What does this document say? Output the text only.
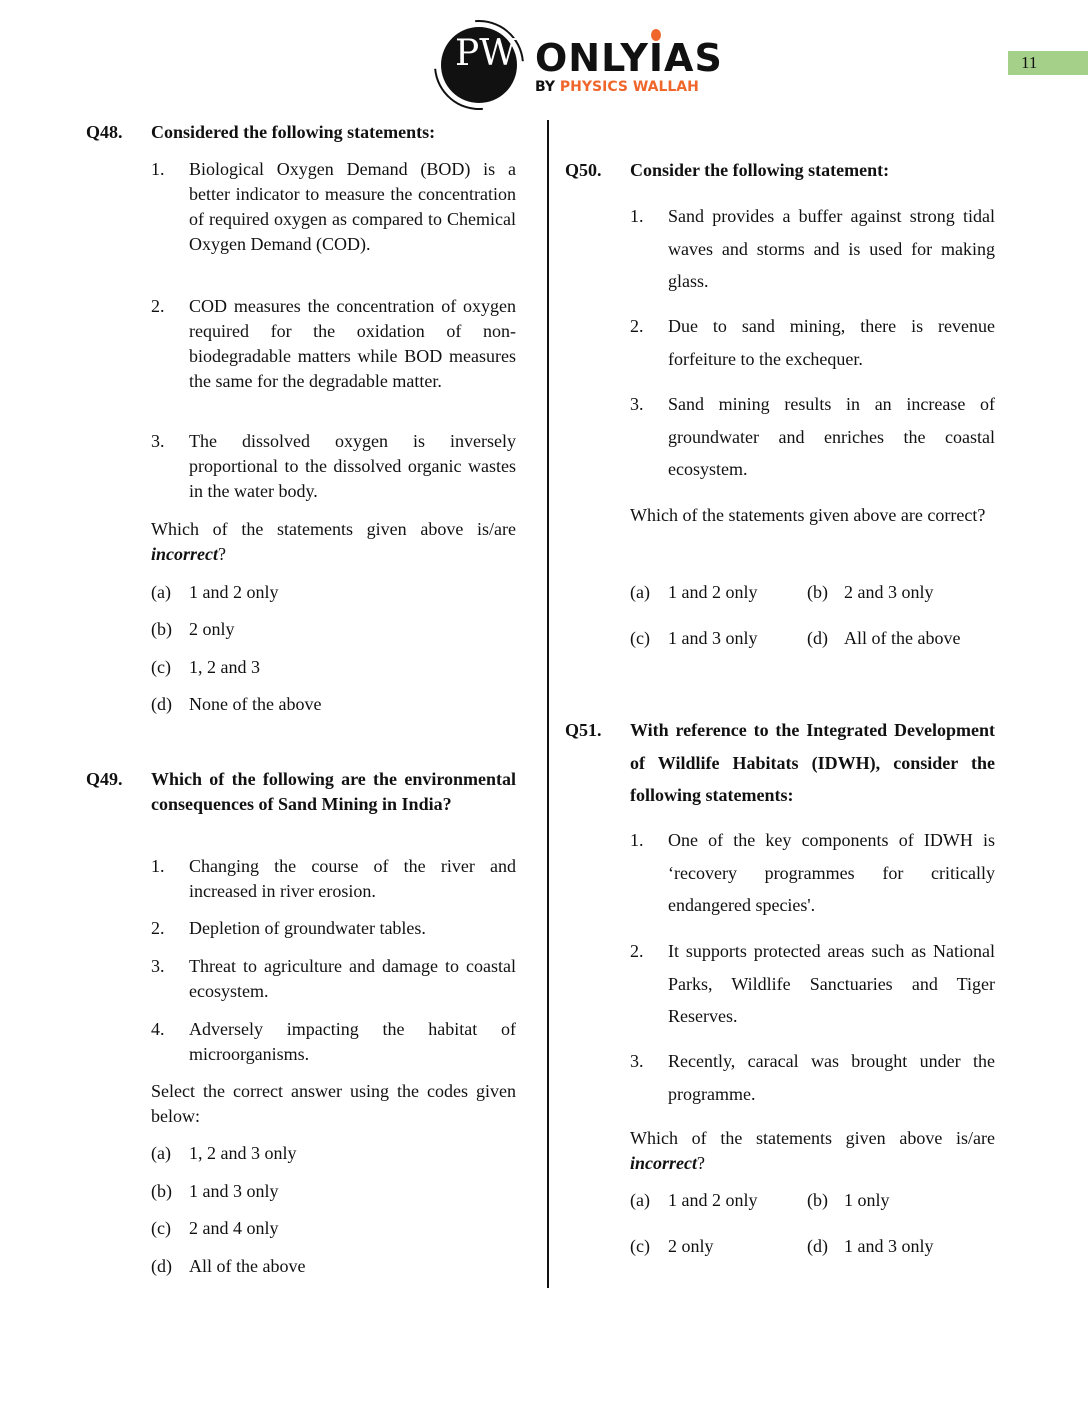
PW ONLYIAS
BY PHYSICS WALLAH
11
Q48. Considered the following statements:
1. Biological Oxygen Demand (BOD) is a better indicator to measure the concentration of required oxygen as compared to Chemical Oxygen Demand (COD).
2. COD measures the concentration of oxygen required for the oxidation of non-biodegradable matters while BOD measures the same for the degradable matter.
3. The dissolved oxygen is inversely proportional to the dissolved organic wastes in the water body.
Which of the statements given above is/are incorrect?
(a) 1 and 2 only
(b) 2 only
(c) 1, 2 and 3
(d) None of the above
Q49. Which of the following are the environmental consequences of Sand Mining in India?
1. Changing the course of the river and increased in river erosion.
2. Depletion of groundwater tables.
3. Threat to agriculture and damage to coastal ecosystem.
4. Adversely impacting the habitat of microorganisms.
Select the correct answer using the codes given below:
(a) 1, 2 and 3 only
(b) 1 and 3 only
(c) 2 and 4 only
(d) All of the above
Q50. Consider the following statement:
1. Sand provides a buffer against strong tidal waves and storms and is used for making glass.
2. Due to sand mining, there is revenue forfeiture to the exchequer.
3. Sand mining results in an increase of groundwater and enriches the coastal ecosystem.
Which of the statements given above are correct?
(a) 1 and 2 only	(b) 2 and 3 only
(c) 1 and 3 only	(d) All of the above
Q51. With reference to the Integrated Development of Wildlife Habitats (IDWH), consider the following statements:
1. One of the key components of IDWH is ‘recovery programmes for critically endangered species'.
2. It supports protected areas such as National Parks, Wildlife Sanctuaries and Tiger Reserves.
3. Recently, caracal was brought under the programme.
Which of the statements given above is/are incorrect?
(a) 1 and 2 only	(b) 1 only
(c) 2 only	(d) 1 and 3 only
